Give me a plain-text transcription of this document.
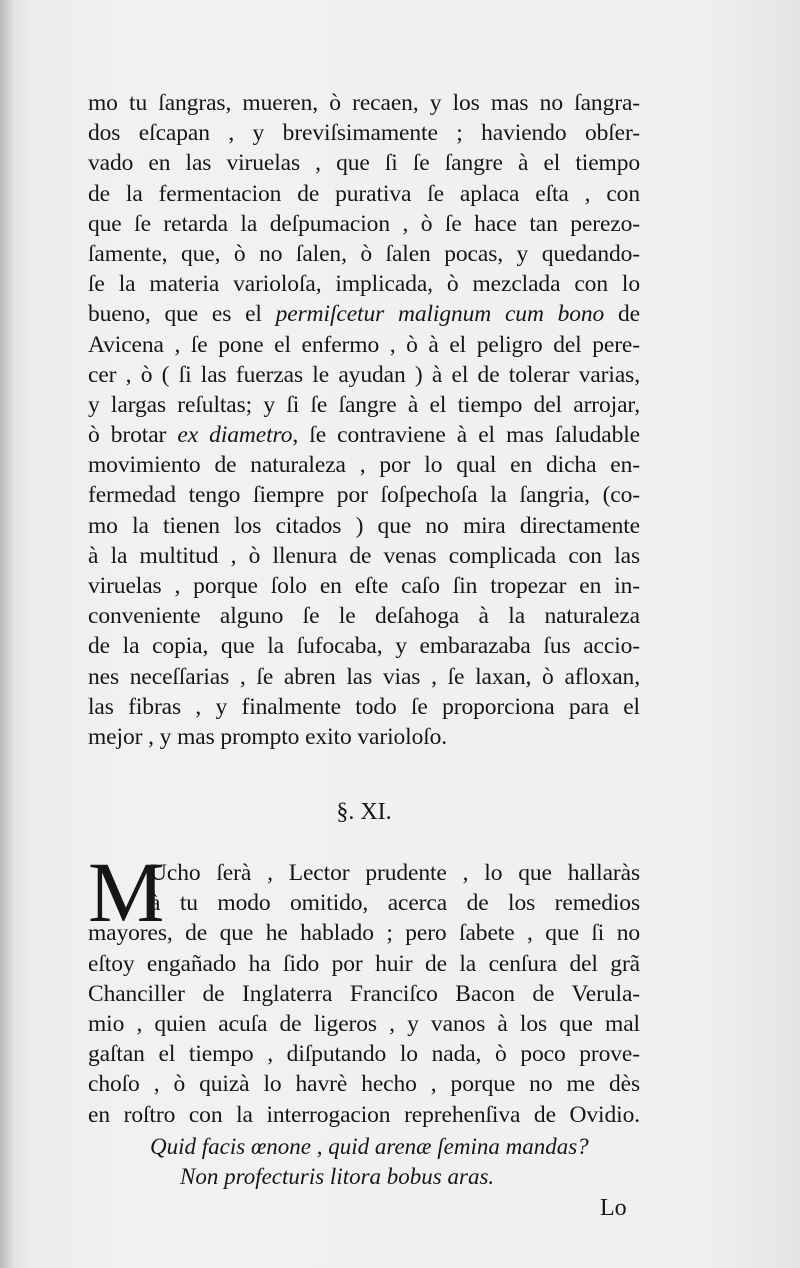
mo tu ſangras, mueren, ò recaen, y los mas no ſangra-
dos eſcapan , y breviſsimamente ; haviendo obſer-
vado en las viruelas , que ſi ſe ſangre à el tiempo
de la fermentacion de purativa ſe aplaca eſta , con
que ſe retarda la deſpumacion , ò ſe hace tan perezo-
ſamente, que, ò no ſalen, ò ſalen pocas, y quedando-
ſe la materia varioloſa, implicada, ò mezclada con lo
bueno, que es el permiſcetur malignum cum bono de
Avicena , ſe pone el enfermo , ò à el peligro del pere-
cer , ò ( ſi las fuerzas le ayudan ) à el de tolerar varias,
y largas reſultas; y ſi ſe ſangre à el tiempo del arrojar,
ò brotar ex diametro, ſe contraviene à el mas ſaludable
movimiento de naturaleza , por lo qual en dicha en-
fermedad tengo ſiempre por ſoſpechoſa la ſangria, (co-
mo la tienen los citados ) que no mira directamente
à la multitud , ò llenura de venas complicada con las
viruelas , porque ſolo en eſte caſo ſin tropezar en in-
conveniente alguno ſe le deſahoga à la naturaleza
de la copia, que la ſufocaba, y embarazaba ſus accio-
nes neceſſarias , ſe abren las vias , ſe laxan, ò afloxan,
las fibras , y finalmente todo ſe proporciona para el
mejor , y mas prompto exito varioloſo.
§. XI.
M
Ucho ſerà , Lector prudente , lo que hallaràs
à tu modo omitido, acerca de los remedios
mayores, de que he hablado ; pero ſabete , que ſi no
eſtoy engañado ha ſido por huir de la cenſura del grã
Chanciller de Inglaterra Franciſco Bacon de Verula-
mio , quien acuſa de ligeros , y vanos à los que mal
gaſtan el tiempo , diſputando lo nada, ò poco prove-
choſo , ò quizà lo havrè hecho , porque no me dès
en roſtro con la interrogacion reprehenſiva de Ovidio.
Quid facis œnone , quid arenæ ſemina mandas?
Non profecturis litora bobus aras.
Lo
